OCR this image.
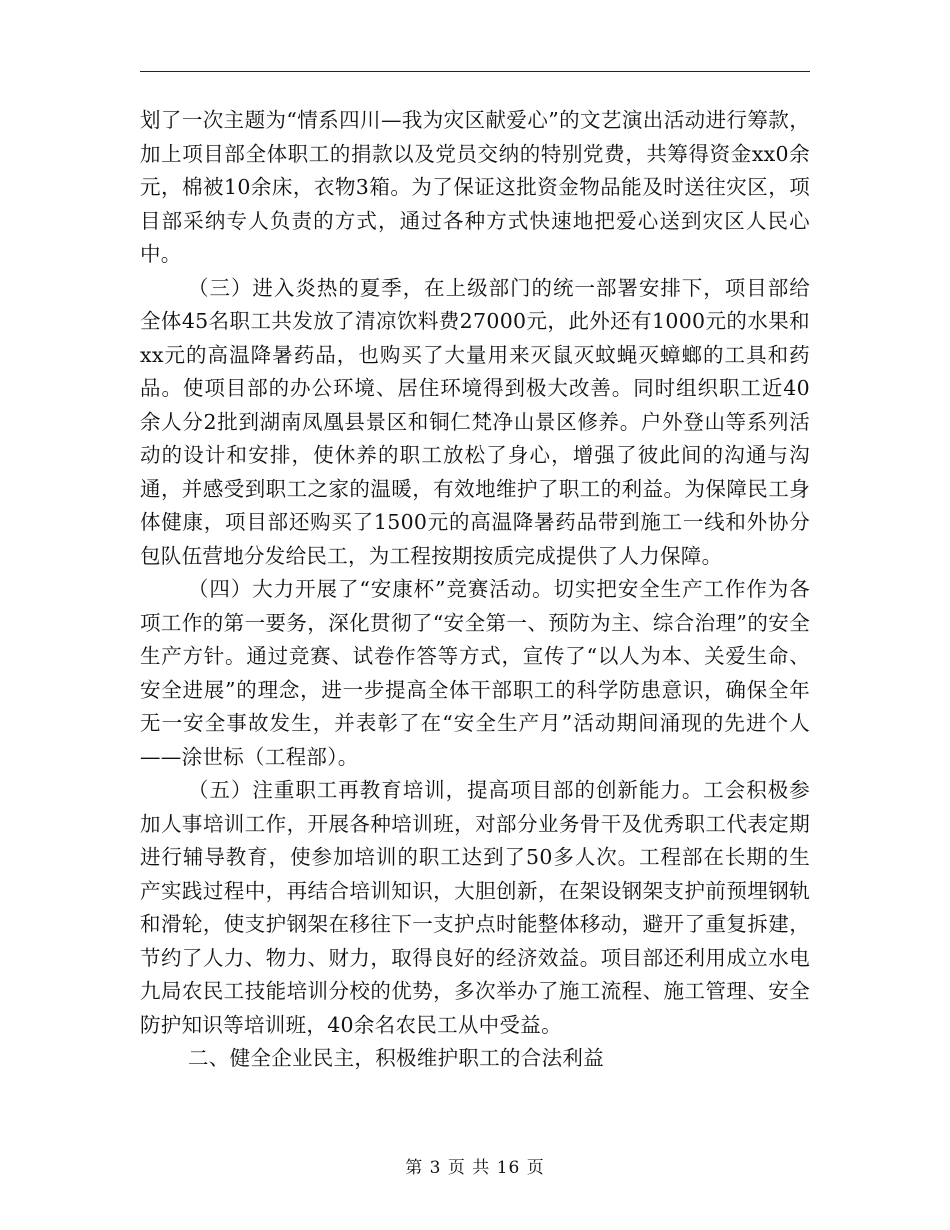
划了一次主题为“情系四川—我为灾区献爱心”的文艺演出活动进行筹款，加上项目部全体职工的捐款以及党员交纳的特别党费，共筹得资金xx0余元，棉被10余床，衣物3箱。为了保证这批资金物品能及时送往灾区，项目部采纳专人负责的方式，通过各种方式快速地把爱心送到灾区人民心中。

（三）进入炎热的夏季，在上级部门的统一部署安排下，项目部给全体45名职工共发放了清凉饮料费27000元，此外还有1000元的水果和xx元的高温降暑药品，也购买了大量用来灭鼠灭蚊蝇灭蟑螂的工具和药品。使项目部的办公环境、居住环境得到极大改善。同时组织职工近40余人分2批到湖南凤凰县景区和铜仁梵净山景区修养。户外登山等系列活动的设计和安排，使休养的职工放松了身心，增强了彼此间的沟通与沟通，并感受到职工之家的温暖，有效地维护了职工的利益。为保障民工身体健康，项目部还购买了1500元的高温降暑药品带到施工一线和外协分包队伍营地分发给民工，为工程按期按质完成提供了人力保障。

（四）大力开展了“安康杯”竞赛活动。切实把安全生产工作作为各项工作的第一要务，深化贯彻了“安全第一、预防为主、综合治理”的安全生产方针。通过竞赛、试卷作答等方式，宣传了“以人为本、关爱生命、安全进展”的理念，进一步提高全体干部职工的科学防患意识，确保全年无一安全事故发生，并表彰了在“安全生产月”活动期间涌现的先进个人——涂世标（工程部）。

（五）注重职工再教育培训，提高项目部的创新能力。工会积极参加人事培训工作，开展各种培训班，对部分业务骨干及优秀职工代表定期进行辅导教育，使参加培训的职工达到了50多人次。工程部在长期的生产实践过程中，再结合培训知识，大胆创新，在架设钢架支护前预埋钢轨和滑轮，使支护钢架在移往下一支护点时能整体移动，避开了重复拆建，节约了人力、物力、财力，取得良好的经济效益。项目部还利用成立水电九局农民工技能培训分校的优势，多次举办了施工流程、施工管理、安全防护知识等培训班，40余名农民工从中受益。

二、健全企业民主，积极维护职工的合法利益

第 3 页 共 16 页
